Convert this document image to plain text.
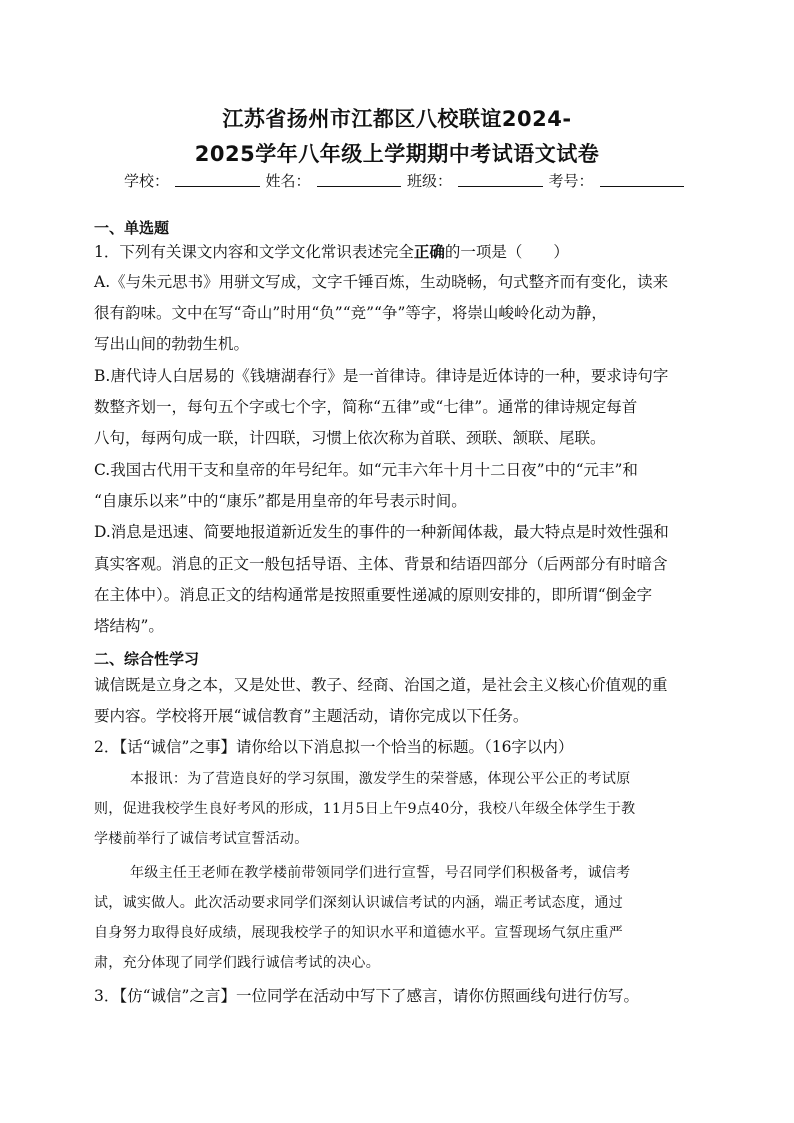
江苏省扬州市江都区八校联谊2024-
2025学年八年级上学期期中考试语文试卷
学校：	姓名：	班级：	考号：
一、单选题
1．下列有关课文内容和文学文化常识表述完全正确的一项是（　　）
A.《与朱元思书》用骈文写成，文字千锤百炼，生动晓畅，句式整齐而有变化，读来
很有韵味。文中在写“奇山”时用“负”“竞”“争”等字，将崇山峻岭化动为静，
写出山间的勃勃生机。
B.唐代诗人白居易的《钱塘湖春行》是一首律诗。律诗是近体诗的一种，要求诗句字
数整齐划一，每句五个字或七个字，简称“五律”或“七律”。通常的律诗规定每首
八句，每两句成一联，计四联，习惯上依次称为首联、颈联、颔联、尾联。
C.我国古代用干支和皇帝的年号纪年。如“元丰六年十月十二日夜”中的“元丰”和
“自康乐以来”中的“康乐”都是用皇帝的年号表示时间。
D.消息是迅速、简要地报道新近发生的事件的一种新闻体裁，最大特点是时效性强和
真实客观。消息的正文一般包括导语、主体、背景和结语四部分（后两部分有时暗含
在主体中）。消息正文的结构通常是按照重要性递减的原则安排的，即所谓“倒金字
塔结构”。
二、综合性学习
诚信既是立身之本，又是处世、教子、经商、治国之道，是社会主义核心价值观的重
要内容。学校将开展“诚信教育”主题活动，请你完成以下任务。
2．【话“诚信”之事】请你给以下消息拟一个恰当的标题。（16字以内）
本报讯：为了营造良好的学习氛围，激发学生的荣誉感，体现公平公正的考试原
则，促进我校学生良好考风的形成，11月5日上午9点40分，我校八年级全体学生于教
学楼前举行了诚信考试宣誓活动。
年级主任王老师在教学楼前带领同学们进行宣誓，号召同学们积极备考，诚信考
试，诚实做人。此次活动要求同学们深刻认识诚信考试的内涵，端正考试态度，通过
自身努力取得良好成绩，展现我校学子的知识水平和道德水平。宣誓现场气氛庄重严
肃，充分体现了同学们践行诚信考试的决心。
3．【仿“诚信”之言】一位同学在活动中写下了感言，请你仿照画线句进行仿写。
